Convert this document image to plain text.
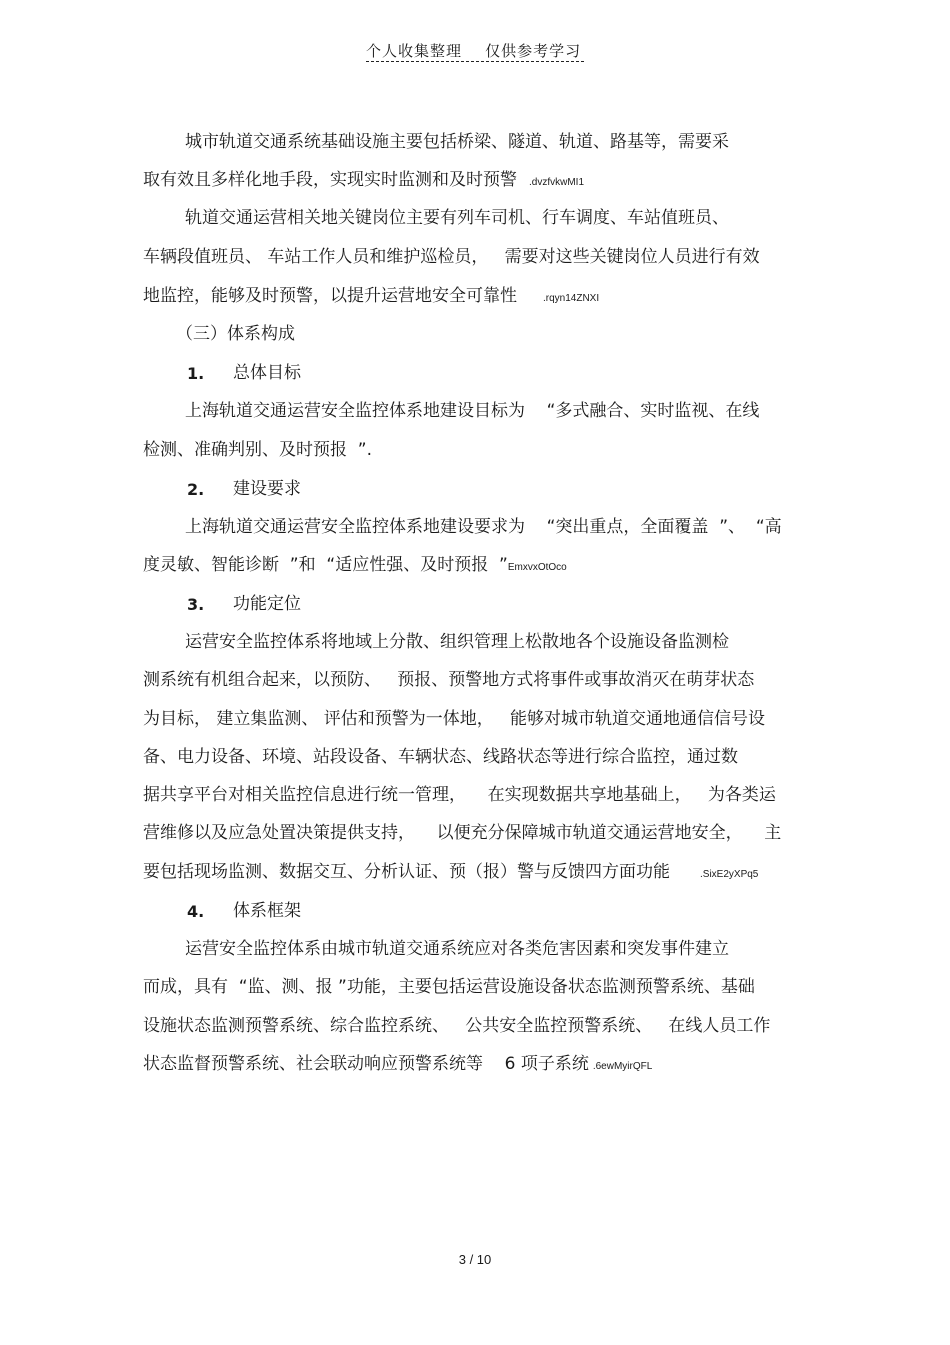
个人收集整理    仅供参考学习
城市轨道交通系统基础设施主要包括桥梁、隧道、轨道、路基等，需要采
取有效且多样化地手段，实现实时监测和及时预警 .dvzfvkwMI1
轨道交通运营相关地关键岗位主要有列车司机、行车调度、车站值班员、
车辆段值班员、 车站工作人员和维护巡检员，   需要对这些关键岗位人员进行有效
地监控，能够及时预警，以提升运营地安全可靠性	.rqyn14ZNXI
（三）体系构成
1. 总体目标
上海轨道交通运营安全监控体系地建设目标为    “多式融合、实时监视、在线
检测、准确判别、及时预报  ”.
2. 建设要求
上海轨道交通运营安全监控体系地建设要求为    “突出重点，全面覆盖  ”、  “高
度灵敏、智能诊断  ”和  “适应性强、及时预报  ”EmxvxOtOco
3. 功能定位
运营安全监控体系将地域上分散、组织管理上松散地各个设施设备监测检
测系统有机组合起来，以预防、   预报、预警地方式将事件或事故消灭在萌芽状态
为目标， 建立集监测、 评估和预警为一体地，   能够对城市轨道交通地通信信号设
备、电力设备、环境、站段设备、车辆状态、线路状态等进行综合监控，通过数
据共享平台对相关监控信息进行统一管理，    在实现数据共享地基础上，   为各类运
营维修以及应急处置决策提供支持，    以便充分保障城市轨道交通运营地安全，    主
要包括现场监测、数据交互、分析认证、预（报）警与反馈四方面功能	.SixE2yXPq5
4. 体系框架
运营安全监控体系由城市轨道交通系统应对各类危害因素和突发事件建立
而成，具有  “监、测、报 ”功能，主要包括运营设施设备状态监测预警系统、基础
设施状态监测预警系统、综合监控系统、   公共安全监控预警系统、   在线人员工作
状态监督预警系统、社会联动响应预警系统等    6 项子系统 .6ewMyirQFL
3 / 10
